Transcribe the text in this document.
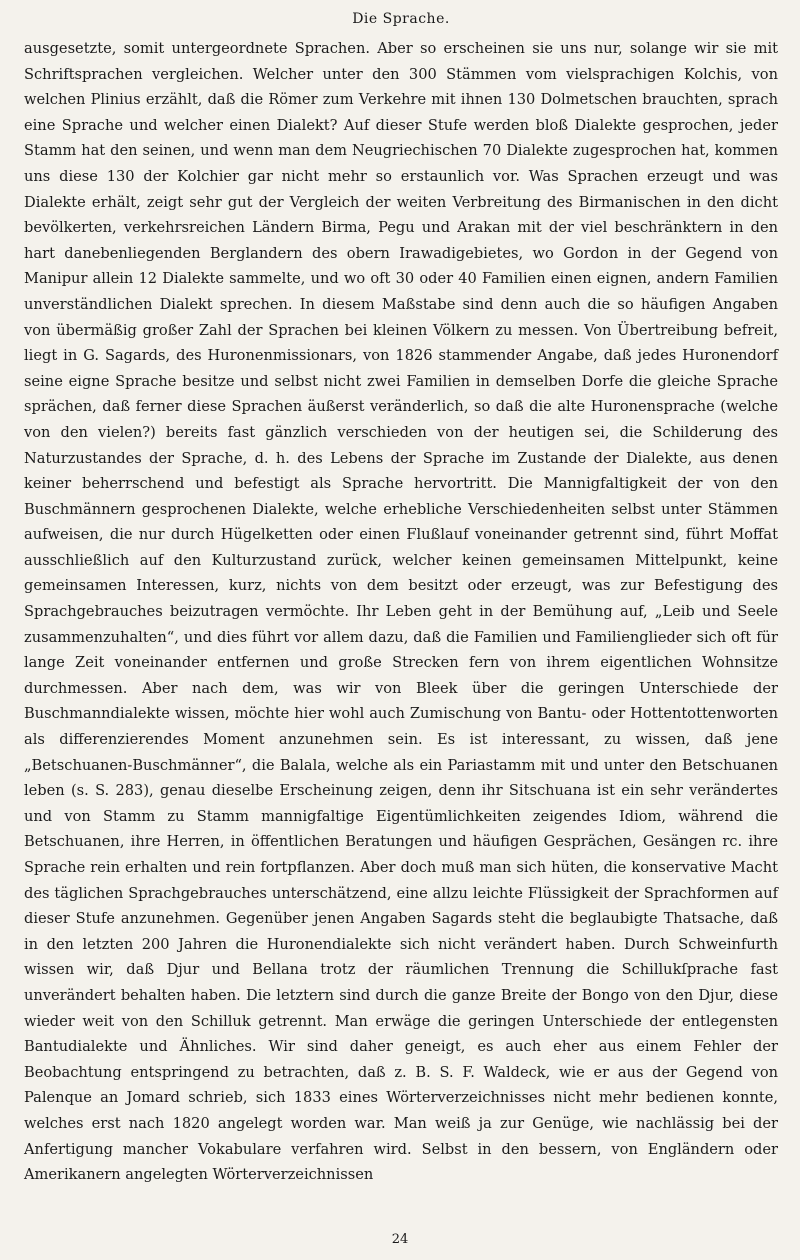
Die Sprache.

ausgesetzte, somit untergeordnete Sprachen. Aber so erscheinen sie uns nur, solange wir sie mit Schriftsprachen vergleichen. Welcher unter den 300 Stämmen vom vielsprachigen Kolchis, von welchen Plinius erzählt, daß die Römer zum Verkehre mit ihnen 130 Dolmetschen brauchten, sprach eine Sprache und welcher einen Dialekt? Auf dieser Stufe werden bloß Dialekte gesprochen, jeder Stamm hat den seinen, und wenn man dem Neugriechischen 70 Dialekte zugesprochen hat, kommen uns diese 130 der Kolchier gar nicht mehr so erstaunlich vor. Was Sprachen erzeugt und was Dialekte erhält, zeigt sehr gut der Vergleich der weiten Verbreitung des Birmanischen in den dicht bevölkerten, verkehrsreichen Ländern Birma, Pegu und Arakan mit der viel beschränktern in den hart danebenliegenden Berglandern des obern Irawadigebietes, wo Gordon in der Gegend von Manipur allein 12 Dialekte sammelte, und wo oft 30 oder 40 Familien einen eignen, andern Familien unverständlichen Dialekt sprechen. In diesem Maßstabe sind denn auch die so häufigen Angaben von übermäßig großer Zahl der Sprachen bei kleinen Völkern zu messen. Von Übertreibung befreit, liegt in G. Sagards, des Huronenmissionars, von 1826 stammender Angabe, daß jedes Huronendorf seine eigne Sprache besitze und selbst nicht zwei Familien in demselben Dorfe die gleiche Sprache sprächen, daß ferner diese Sprachen äußerst veränderlich, so daß die alte Huronensprache (welche von den vielen?) bereits fast gänzlich verschieden von der heutigen sei, die Schilderung des Naturzustandes der Sprache, d. h. des Lebens der Sprache im Zustande der Dialekte, aus denen keiner beherrschend und befestigt als Sprache hervortritt. Die Mannigfaltigkeit der von den Buschmännern gesprochenen Dialekte, welche erhebliche Verschiedenheiten selbst unter Stämmen aufweisen, die nur durch Hügelketten oder einen Flußlauf voneinander getrennt sind, führt Moffat ausschließlich auf den Kulturzustand zurück, welcher keinen gemeinsamen Mittelpunkt, keine gemeinsamen Interessen, kurz, nichts von dem besitzt oder erzeugt, was zur Befestigung des Sprachgebrauches beizutragen vermöchte. Ihr Leben geht in der Bemühung auf, „Leib und Seele zusammenzuhalten“, und dies führt vor allem dazu, daß die Familien und Familienglieder sich oft für lange Zeit voneinander entfernen und große Strecken fern von ihrem eigentlichen Wohnsitze durchmessen. Aber nach dem, was wir von Bleek über die geringen Unterschiede der Buschmanndialekte wissen, möchte hier wohl auch Zumischung von Bantu- oder Hottentottenworten als differenzierendes Moment anzunehmen sein. Es ist interessant, zu wissen, daß jene „Betschuanen-Buschmänner“, die Balala, welche als ein Pariastamm mit und unter den Betschuanen leben (s. S. 283), genau dieselbe Erscheinung zeigen, denn ihr Sitschuana ist ein sehr verändertes und von Stamm zu Stamm mannigfaltige Eigentümlichkeiten zeigendes Idiom, während die Betschuanen, ihre Herren, in öffentlichen Beratungen und häufigen Gesprächen, Gesängen rc. ihre Sprache rein erhalten und rein fortpflanzen. Aber doch muß man sich hüten, die konservative Macht des täglichen Sprachgebrauches unterschätzend, eine allzu leichte Flüssigkeit der Sprachformen auf dieser Stufe anzunehmen. Gegenüber jenen Angaben Sagards steht die beglaubigte Thatsache, daß in den letzten 200 Jahren die Huronendialekte sich nicht verändert haben. Durch Schweinfurth wissen wir, daß Djur und Bellana trotz der räumlichen Trennung die Schillukſprache fast unverändert behalten haben. Die letztern sind durch die ganze Breite der Bongo von den Djur, diese wieder weit von den Schilluk getrennt. Man erwäge die geringen Unterschiede der entlegensten Bantudialekte und Ähnliches. Wir sind daher geneigt, es auch eher aus einem Fehler der Beobachtung entspringend zu betrachten, daß z. B. S. F. Waldeck, wie er aus der Gegend von Palenque an Jomard schrieb, sich 1833 eines Wörterverzeichnisses nicht mehr bedienen konnte, welches erst nach 1820 angelegt worden war. Man weiß ja zur Genüge, wie nachlässig bei der Anfertigung mancher Vokabulare verfahren wird. Selbst in den bessern, von Engländern oder Amerikanern angelegten Wörterverzeichnissen

24
